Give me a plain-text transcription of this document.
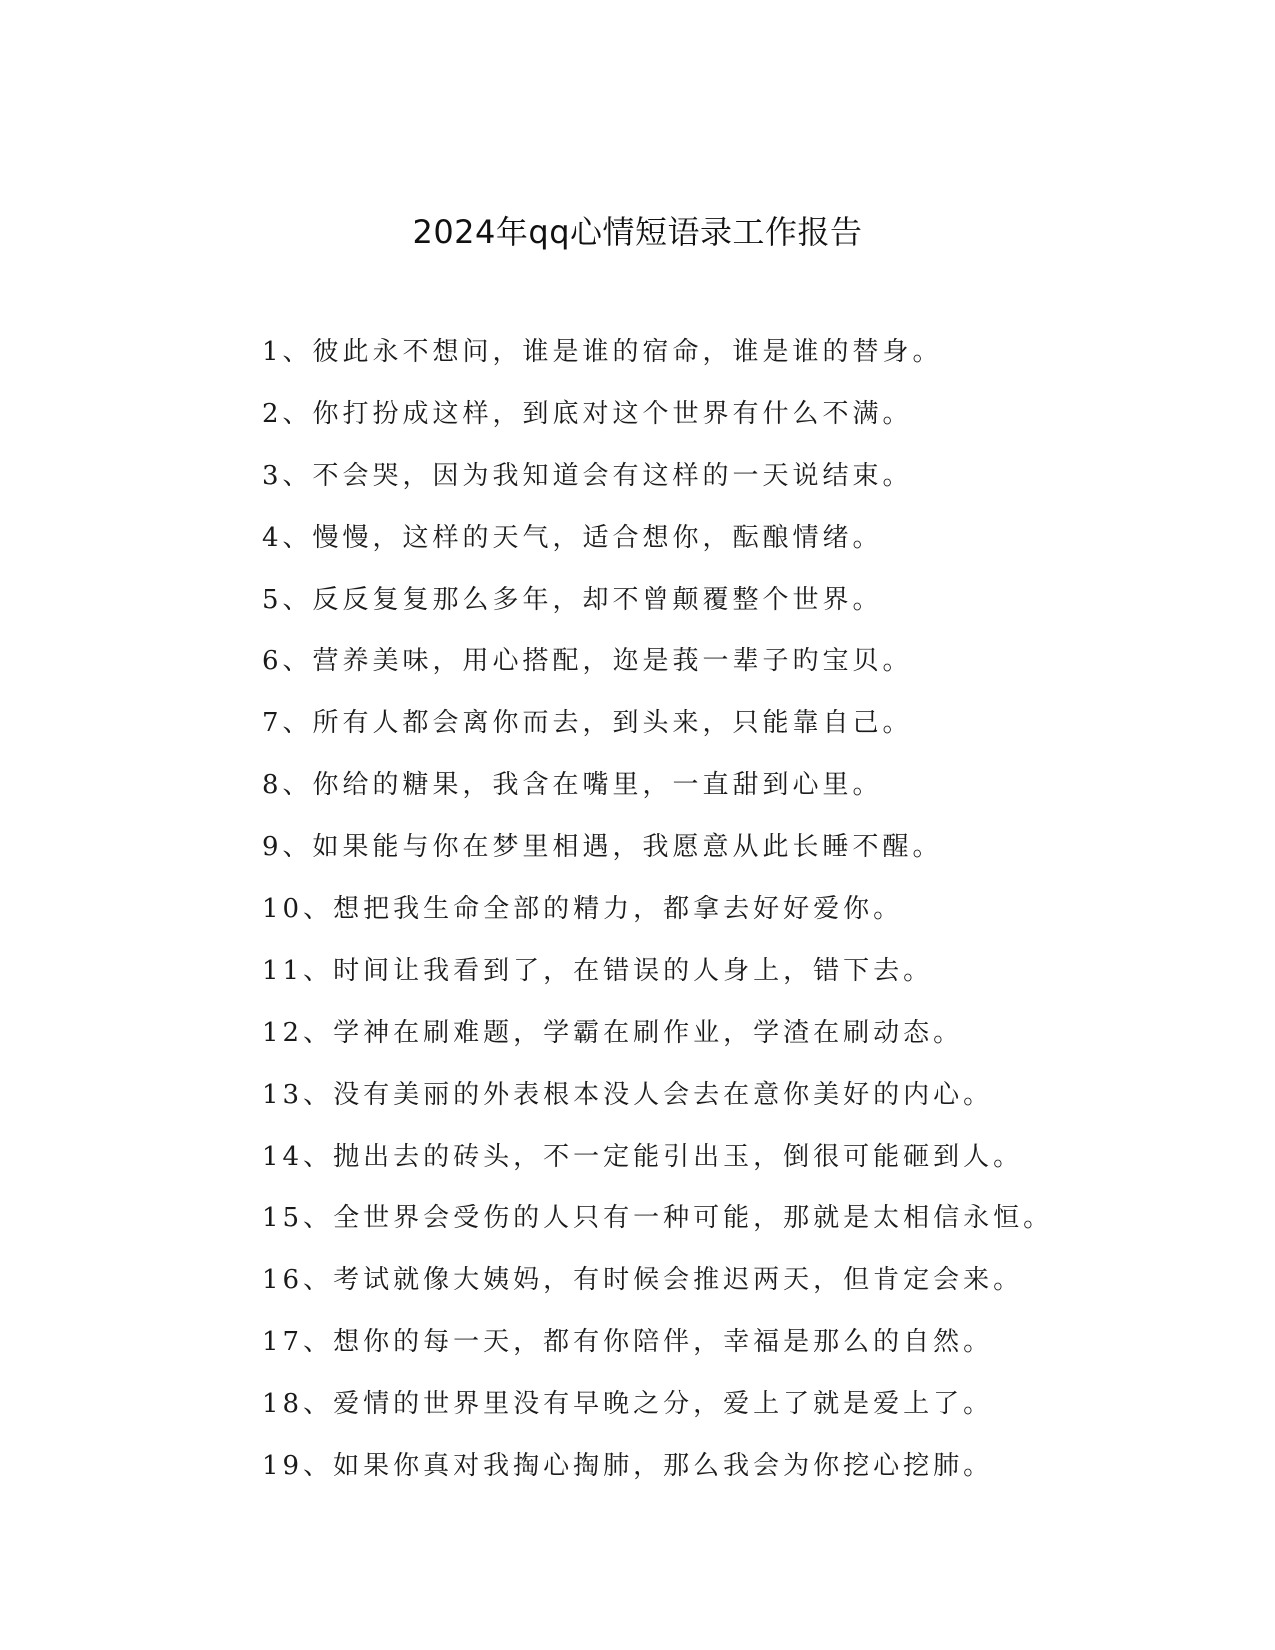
2024年qq心情短语录工作报告
1、彼此永不想问，谁是谁的宿命，谁是谁的替身。
2、你打扮成这样，到底对这个世界有什么不满。
3、不会哭，因为我知道会有这样的一天说结束。
4、慢慢，这样的天气，适合想你，酝酿情绪。
5、反反复复那么多年，却不曾颠覆整个世界。
6、营养美味，用心搭配，迩是莪一辈子旳宝贝。
7、所有人都会离你而去，到头来，只能靠自己。
8、你给的糖果，我含在嘴里，一直甜到心里。
9、如果能与你在梦里相遇，我愿意从此长睡不醒。
10、想把我生命全部的精力，都拿去好好爱你。
11、时间让我看到了，在错误的人身上，错下去。
12、学神在刷难题，学霸在刷作业，学渣在刷动态。
13、没有美丽的外表根本没人会去在意你美好的内心。
14、抛出去的砖头，不一定能引出玉，倒很可能砸到人。
15、全世界会受伤的人只有一种可能，那就是太相信永恒。
16、考试就像大姨妈，有时候会推迟两天，但肯定会来。
17、想你的每一天，都有你陪伴，幸福是那么的自然。
18、爱情的世界里没有早晚之分，爱上了就是爱上了。
19、如果你真对我掏心掏肺，那么我会为你挖心挖肺。
